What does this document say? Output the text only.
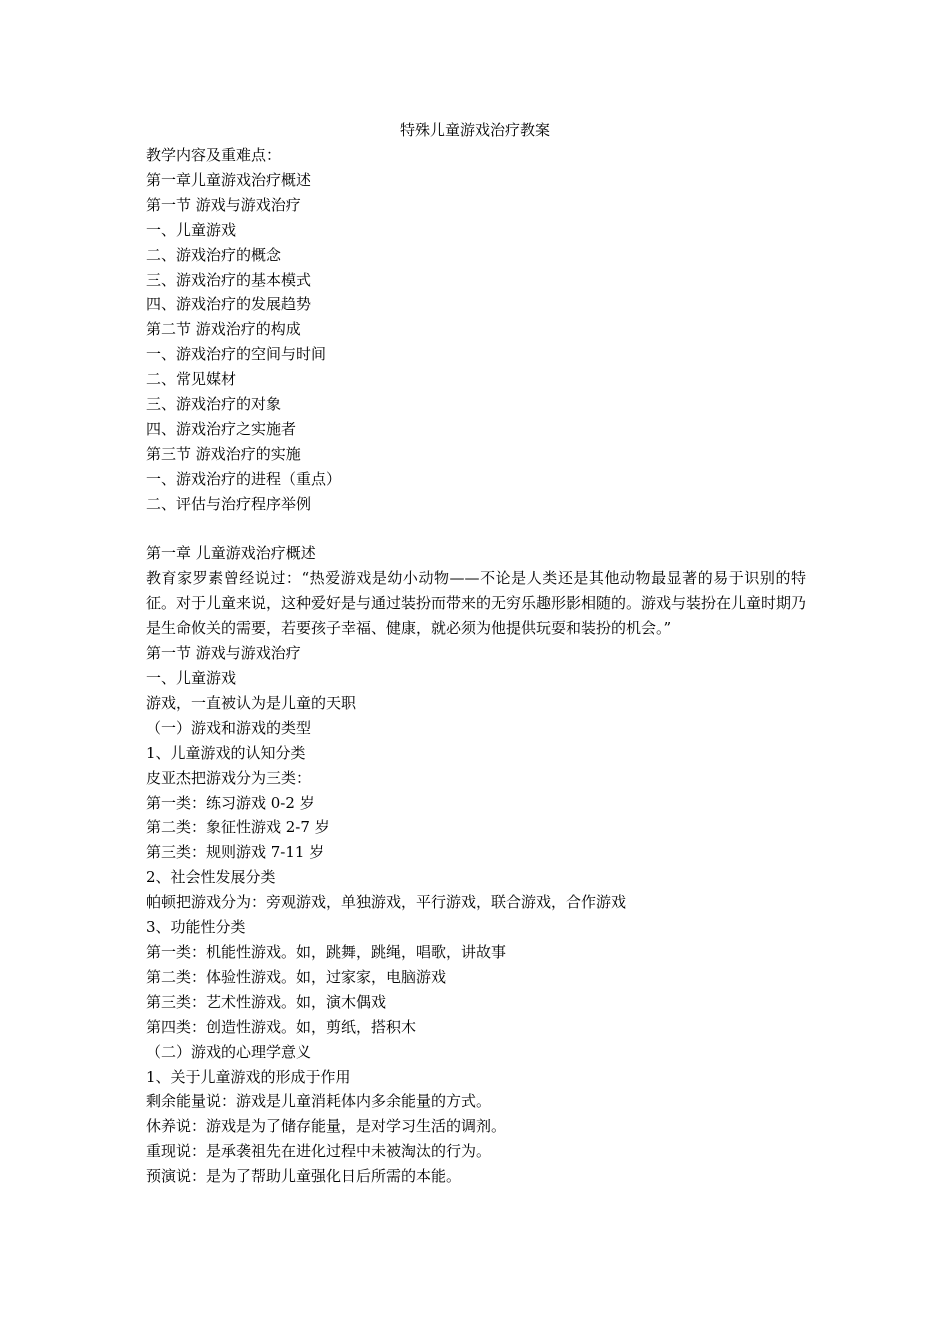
特殊儿童游戏治疗教案
教学内容及重难点：
第一章儿童游戏治疗概述
第一节 游戏与游戏治疗
一、儿童游戏
二、游戏治疗的概念
三、游戏治疗的基本模式
四、游戏治疗的发展趋势
第二节 游戏治疗的构成
一、游戏治疗的空间与时间
二、常见媒材
三、游戏治疗的对象
四、游戏治疗之实施者
第三节 游戏治疗的实施
一、游戏治疗的进程（重点）
二、评估与治疗程序举例
第一章 儿童游戏治疗概述
教育家罗素曾经说过：“热爱游戏是幼小动物——不论是人类还是其他动物最显著的易于识别的特征。对于儿童来说，这种爱好是与通过装扮而带来的无穷乐趣形影相随的。游戏与装扮在儿童时期乃是生命攸关的需要，若要孩子幸福、健康，就必须为他提供玩耍和装扮的机会。”
第一节 游戏与游戏治疗
一、儿童游戏
游戏，一直被认为是儿童的天职
（一）游戏和游戏的类型
1、儿童游戏的认知分类
皮亚杰把游戏分为三类：
第一类：练习游戏 0-2 岁
第二类：象征性游戏 2-7 岁
第三类：规则游戏 7-11 岁
2、社会性发展分类
帕顿把游戏分为：旁观游戏，单独游戏，平行游戏，联合游戏，合作游戏
3、功能性分类
第一类：机能性游戏。如，跳舞，跳绳，唱歌，讲故事
第二类：体验性游戏。如，过家家，电脑游戏
第三类：艺术性游戏。如，演木偶戏
第四类：创造性游戏。如，剪纸，搭积木
（二）游戏的心理学意义
1、关于儿童游戏的形成于作用
剩余能量说：游戏是儿童消耗体内多余能量的方式。
休养说：游戏是为了储存能量，是对学习生活的调剂。
重现说：是承袭祖先在进化过程中未被淘汰的行为。
预演说：是为了帮助儿童强化日后所需的本能。
